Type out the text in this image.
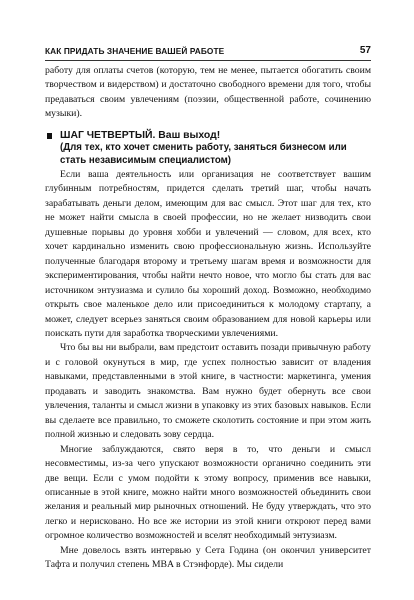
КАК ПРИДАТЬ ЗНАЧЕНИЕ ВАШЕЙ РАБОТЕ	57

работу для оплаты счетов (которую, тем не менее, пытается обогатить своим творчеством и видерством) и достаточно свободного времени для того, чтобы предаваться своим увлечениям (поэзии, общественной работе, сочинению музыки).

ШАГ ЧЕТВЕРТЫЙ. Ваш выход!
(Для тех, кто хочет сменить работу, заняться бизнесом или стать независимым специалистом)

Если ваша деятельность или организация не соответствует вашим глубинным потребностям, придется сделать третий шаг, чтобы начать зарабатывать деньги делом, имеющим для вас смысл. Этот шаг для тех, кто не может найти смысла в своей профессии, но не желает низводить свои душевные порывы до уровня хобби и увлечений — словом, для всех, кто хочет кардинально изменить свою профессиональную жизнь. Используйте полученные благодаря второму и третьему шагам время и возможности для экспериментирования, чтобы найти нечто новое, что могло бы стать для вас источником энтузиазма и сулило бы хороший доход. Возможно, необходимо открыть свое маленькое дело или присоединиться к молодому стартапу, а может, следует всерьез заняться своим образованием для новой карьеры или поискать пути для заработка творческими увлечениями.

Что бы вы ни выбрали, вам предстоит оставить позади привычную работу и с головой окунуться в мир, где успех полностью зависит от владения навыками, представленными в этой книге, в частности: маркетинга, умения продавать и заводить знакомства. Вам нужно будет обернуть все свои увлечения, таланты и смысл жизни в упаковку из этих базовых навыков. Если вы сделаете все правильно, то сможете сколотить состояние и при этом жить полной жизнью и следовать зову сердца.

Многие заблуждаются, свято веря в то, что деньги и смысл несовместимы, из-за чего упускают возможности органично соединить эти две вещи. Если с умом подойти к этому вопросу, применив все навыки, описанные в этой книге, можно найти много возможностей объединить свои желания и реальный мир рыночных отношений. Не буду утверждать, что это легко и нерисковано. Но все же истории из этой книги откроют перед вами огромное количество возможностей и вселят необходимый энтузиазм.

Мне довелось взять интервью у Сета Година (он окончил университет Тафта и получил степень MBA в Стэнфорде). Мы сидели
